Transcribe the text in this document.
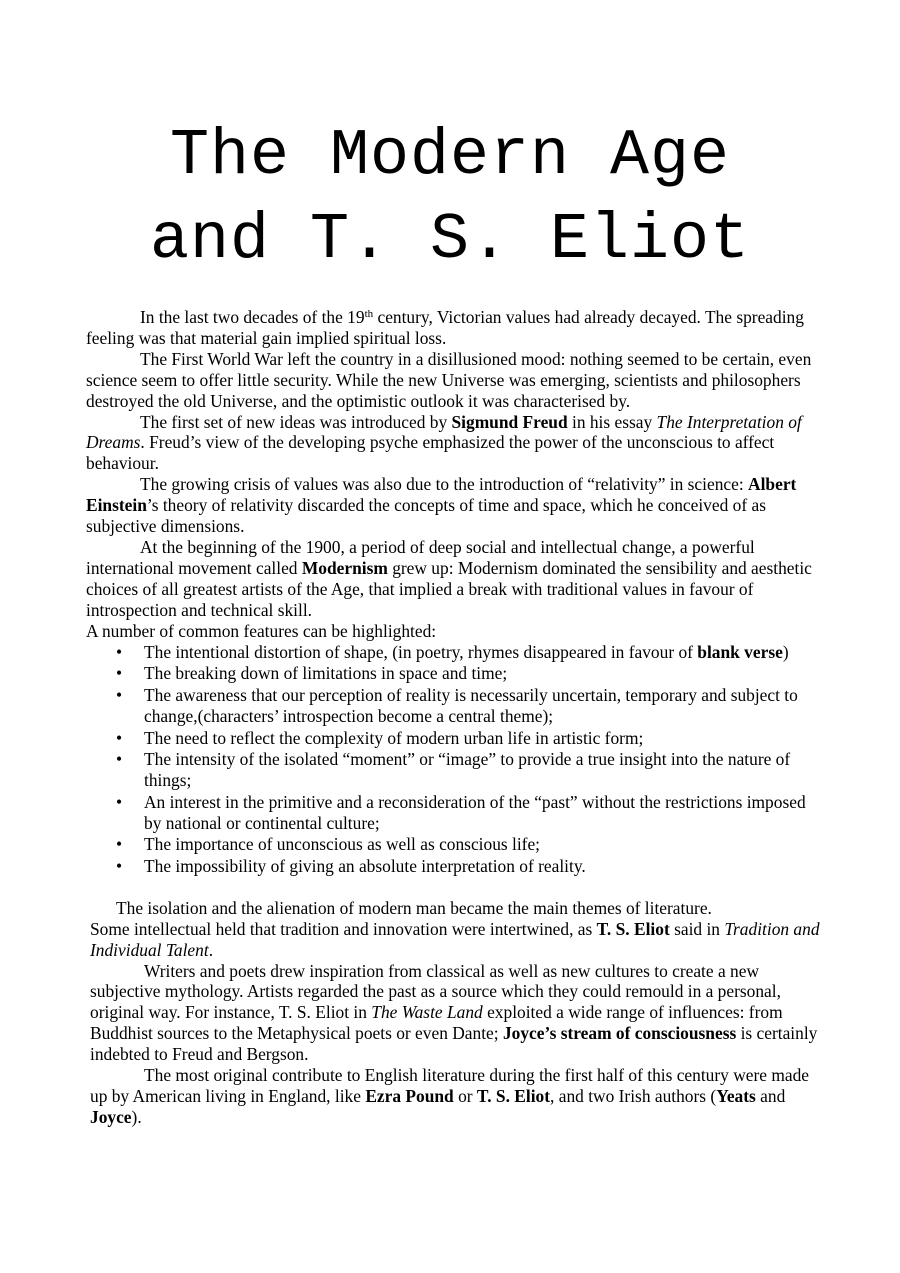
The Modern Age
and T. S. Eliot

In the last two decades of the 19th century, Victorian values had already decayed. The spreading feeling was that material gain implied spiritual loss.

The First World War left the country in a disillusioned mood: nothing seemed to be certain, even science seem to offer little security. While the new Universe was emerging, scientists and philosophers destroyed the old Universe, and the optimistic outlook it was characterised by.

The first set of new ideas was introduced by Sigmund Freud in his essay The Interpretation of Dreams. Freud’s view of the developing psyche emphasized the power of the unconscious to affect behaviour.

The growing crisis of values was also due to the introduction of “relativity” in science: Albert Einstein’s theory of relativity discarded the concepts of time and space, which he conceived of as subjective dimensions.

At the beginning of the 1900, a period of deep social and intellectual change, a powerful international movement called Modernism grew up: Modernism dominated the sensibility and aesthetic choices of all greatest artists of the Age, that implied a break with traditional values in favour of introspection and technical skill.

A number of common features can be highlighted:

• The intentional distortion of shape, (in poetry, rhymes disappeared in favour of blank verse)
• The breaking down of limitations in space and time;
• The awareness that our perception of reality is necessarily uncertain, temporary and subject to change,(characters’ introspection become a central theme);
• The need to reflect the complexity of modern urban life in artistic form;
• The intensity of the isolated “moment” or “image” to provide a true insight into the nature of things;
• An interest in the primitive and a reconsideration of the “past” without the restrictions imposed by national or continental culture;
• The importance of unconscious as well as conscious life;
• The impossibility of giving an absolute interpretation of reality.

The isolation and the alienation of modern man became the main themes of literature.

Some intellectual held that tradition and innovation were intertwined, as T. S. Eliot said in Tradition and Individual Talent.

Writers and poets drew inspiration from classical as well as new cultures to create a new subjective mythology. Artists regarded the past as a source which they could remould in a personal, original way. For instance, T. S. Eliot in The Waste Land exploited a wide range of influences: from Buddhist sources to the Metaphysical poets or even Dante; Joyce’s stream of consciousness is certainly indebted to Freud and Bergson.

The most original contribute to English literature during the first half of this century were made up by American living in England, like Ezra Pound or T. S. Eliot, and two Irish authors (Yeats and Joyce).
